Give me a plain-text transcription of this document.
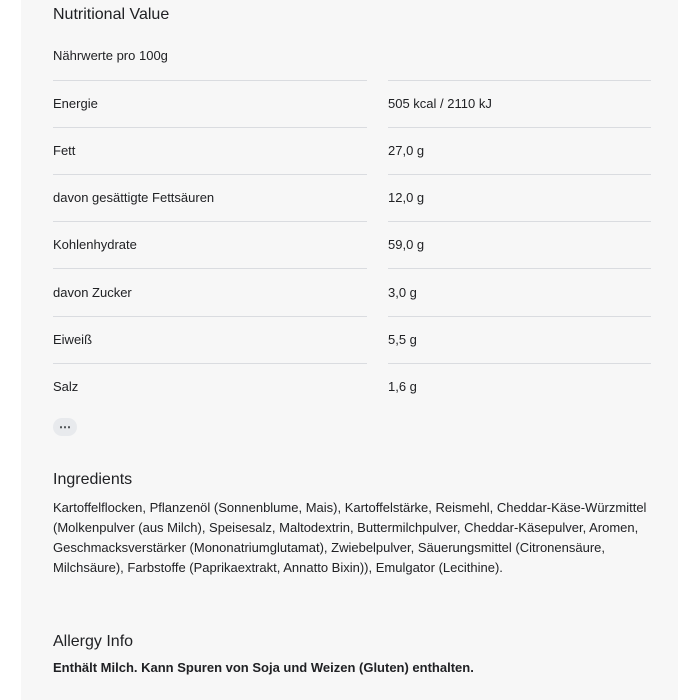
Nutritional Value
Nährwerte pro 100g
Energie	505 kcal / 2110 kJ
Fett	27,0 g
davon gesättigte Fettsäuren	12,0 g
Kohlenhydrate	59,0 g
davon Zucker	3,0 g
Eiweiß	5,5 g
Salz	1,6 g
⋯
Ingredients
Kartoffelflocken, Pflanzenöl (Sonnenblume, Mais), Kartoffelstärke, Reismehl, Cheddar-Käse-Würzmittel (Molkenpulver (aus Milch), Speisesalz, Maltodextrin, Buttermilchpulver, Cheddar-Käsepulver, Aromen, Geschmacksverstärker (Mononatriumglutamat), Zwiebelpulver, Säuerungsmittel (Citronensäure, Milchsäure), Farbstoffe (Paprikaextrakt, Annatto Bixin)), Emulgator (Lecithine).
Allergy Info
Enthält Milch. Kann Spuren von Soja und Weizen (Gluten) enthalten.
